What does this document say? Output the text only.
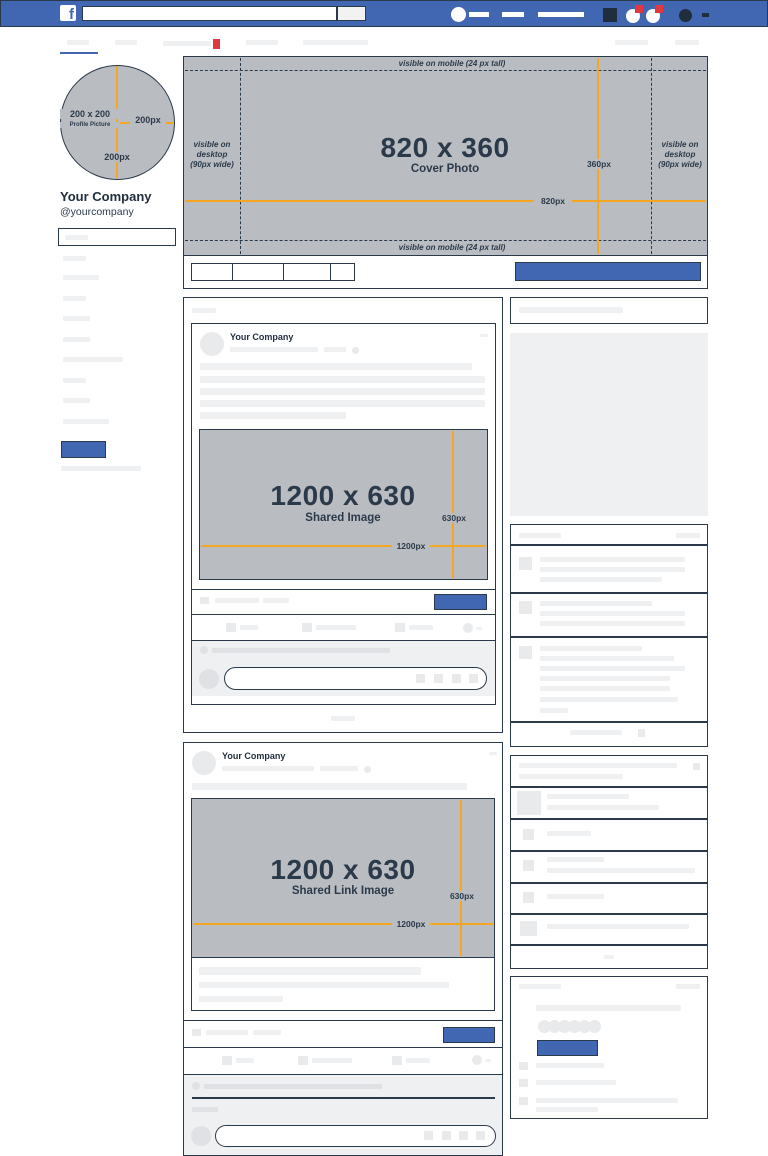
f
200 x 200
Profile Picture	200px
200px
Your Company
@yourcompany
visible on mobile (24 px tall)
visible on mobile (24 px tall)
visible on
desktop
(90px wide)
visible on
desktop
(90px wide)
820 x 360
Cover Photo	360px
820px
Your Company
1200 x 630
Shared Image	630px
1200px
Your Company
1200 x 630
Shared Link Image	630px
1200px
